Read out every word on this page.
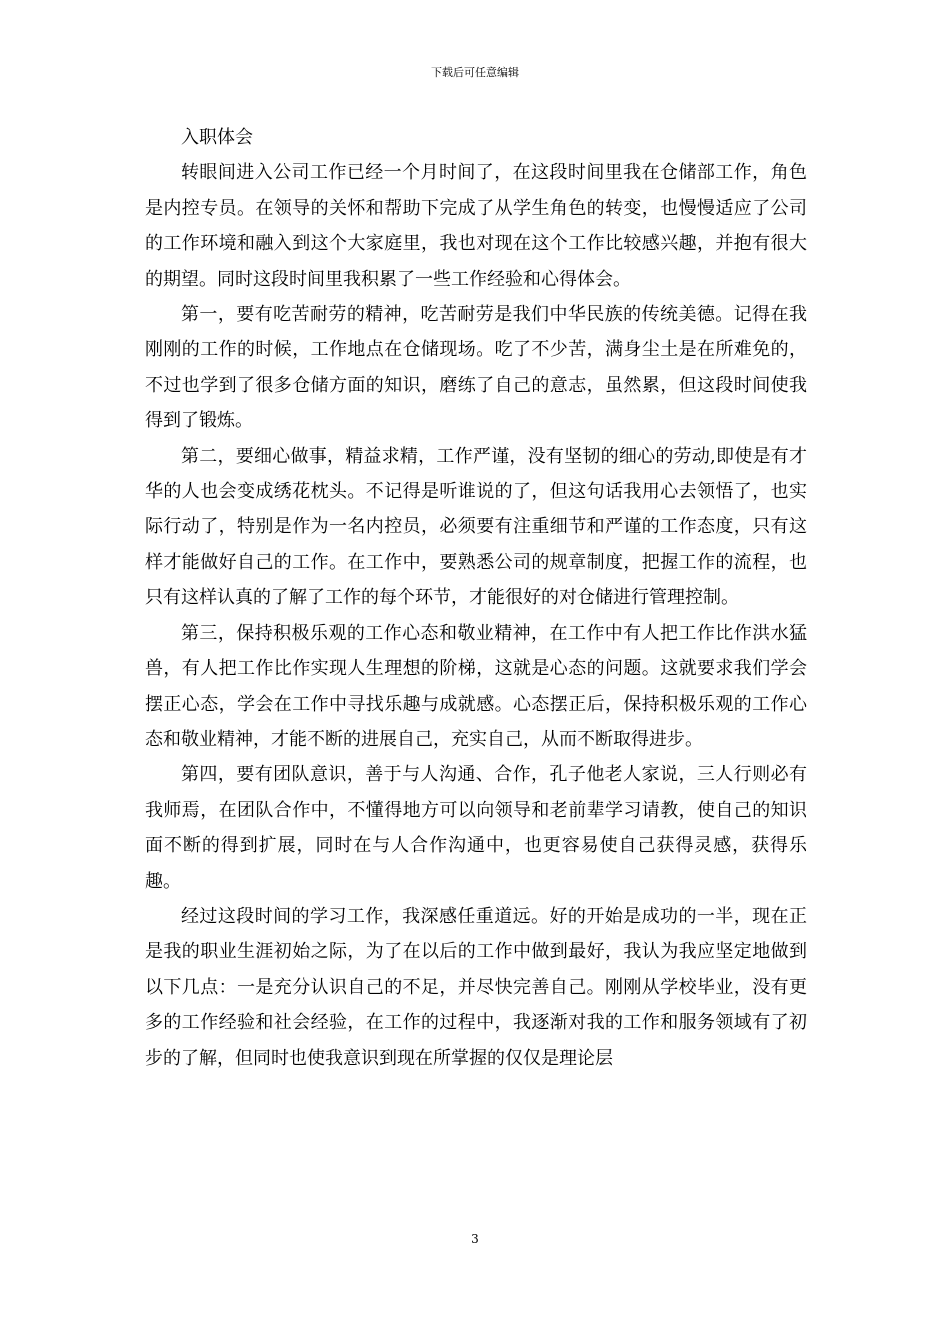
下载后可任意编辑
入职体会

转眼间进入公司工作已经一个月时间了，在这段时间里我在仓储部工作，角色是内控专员。在领导的关怀和帮助下完成了从学生角色的转变，也慢慢适应了公司的工作环境和融入到这个大家庭里，我也对现在这个工作比较感兴趣，并抱有很大的期望。同时这段时间里我积累了一些工作经验和心得体会。

第一，要有吃苦耐劳的精神，吃苦耐劳是我们中华民族的传统美德。记得在我刚刚的工作的时候，工作地点在仓储现场。吃了不少苦，满身尘土是在所难免的，不过也学到了很多仓储方面的知识，磨练了自己的意志，虽然累，但这段时间使我得到了锻炼。

第二，要细心做事，精益求精，工作严谨，没有坚韧的细心的劳动,即使是有才华的人也会变成绣花枕头。不记得是听谁说的了，但这句话我用心去领悟了，也实际行动了，特别是作为一名内控员，必须要有注重细节和严谨的工作态度，只有这样才能做好自己的工作。在工作中，要熟悉公司的规章制度，把握工作的流程，也只有这样认真的了解了工作的每个环节，才能很好的对仓储进行管理控制。

第三，保持积极乐观的工作心态和敬业精神，在工作中有人把工作比作洪水猛兽，有人把工作比作实现人生理想的阶梯，这就是心态的问题。这就要求我们学会摆正心态，学会在工作中寻找乐趣与成就感。心态摆正后，保持积极乐观的工作心态和敬业精神，才能不断的进展自己，充实自己，从而不断取得进步。

第四，要有团队意识，善于与人沟通、合作，孔子他老人家说，三人行则必有我师焉，在团队合作中，不懂得地方可以向领导和老前辈学习请教，使自己的知识面不断的得到扩展，同时在与人合作沟通中，也更容易使自己获得灵感，获得乐趣。

经过这段时间的学习工作，我深感任重道远。好的开始是成功的一半，现在正是我的职业生涯初始之际，为了在以后的工作中做到最好，我认为我应坚定地做到以下几点：一是充分认识自己的不足，并尽快完善自己。刚刚从学校毕业，没有更多的工作经验和社会经验，在工作的过程中，我逐渐对我的工作和服务领域有了初步的了解，但同时也使我意识到现在所掌握的仅仅是理论层

3
